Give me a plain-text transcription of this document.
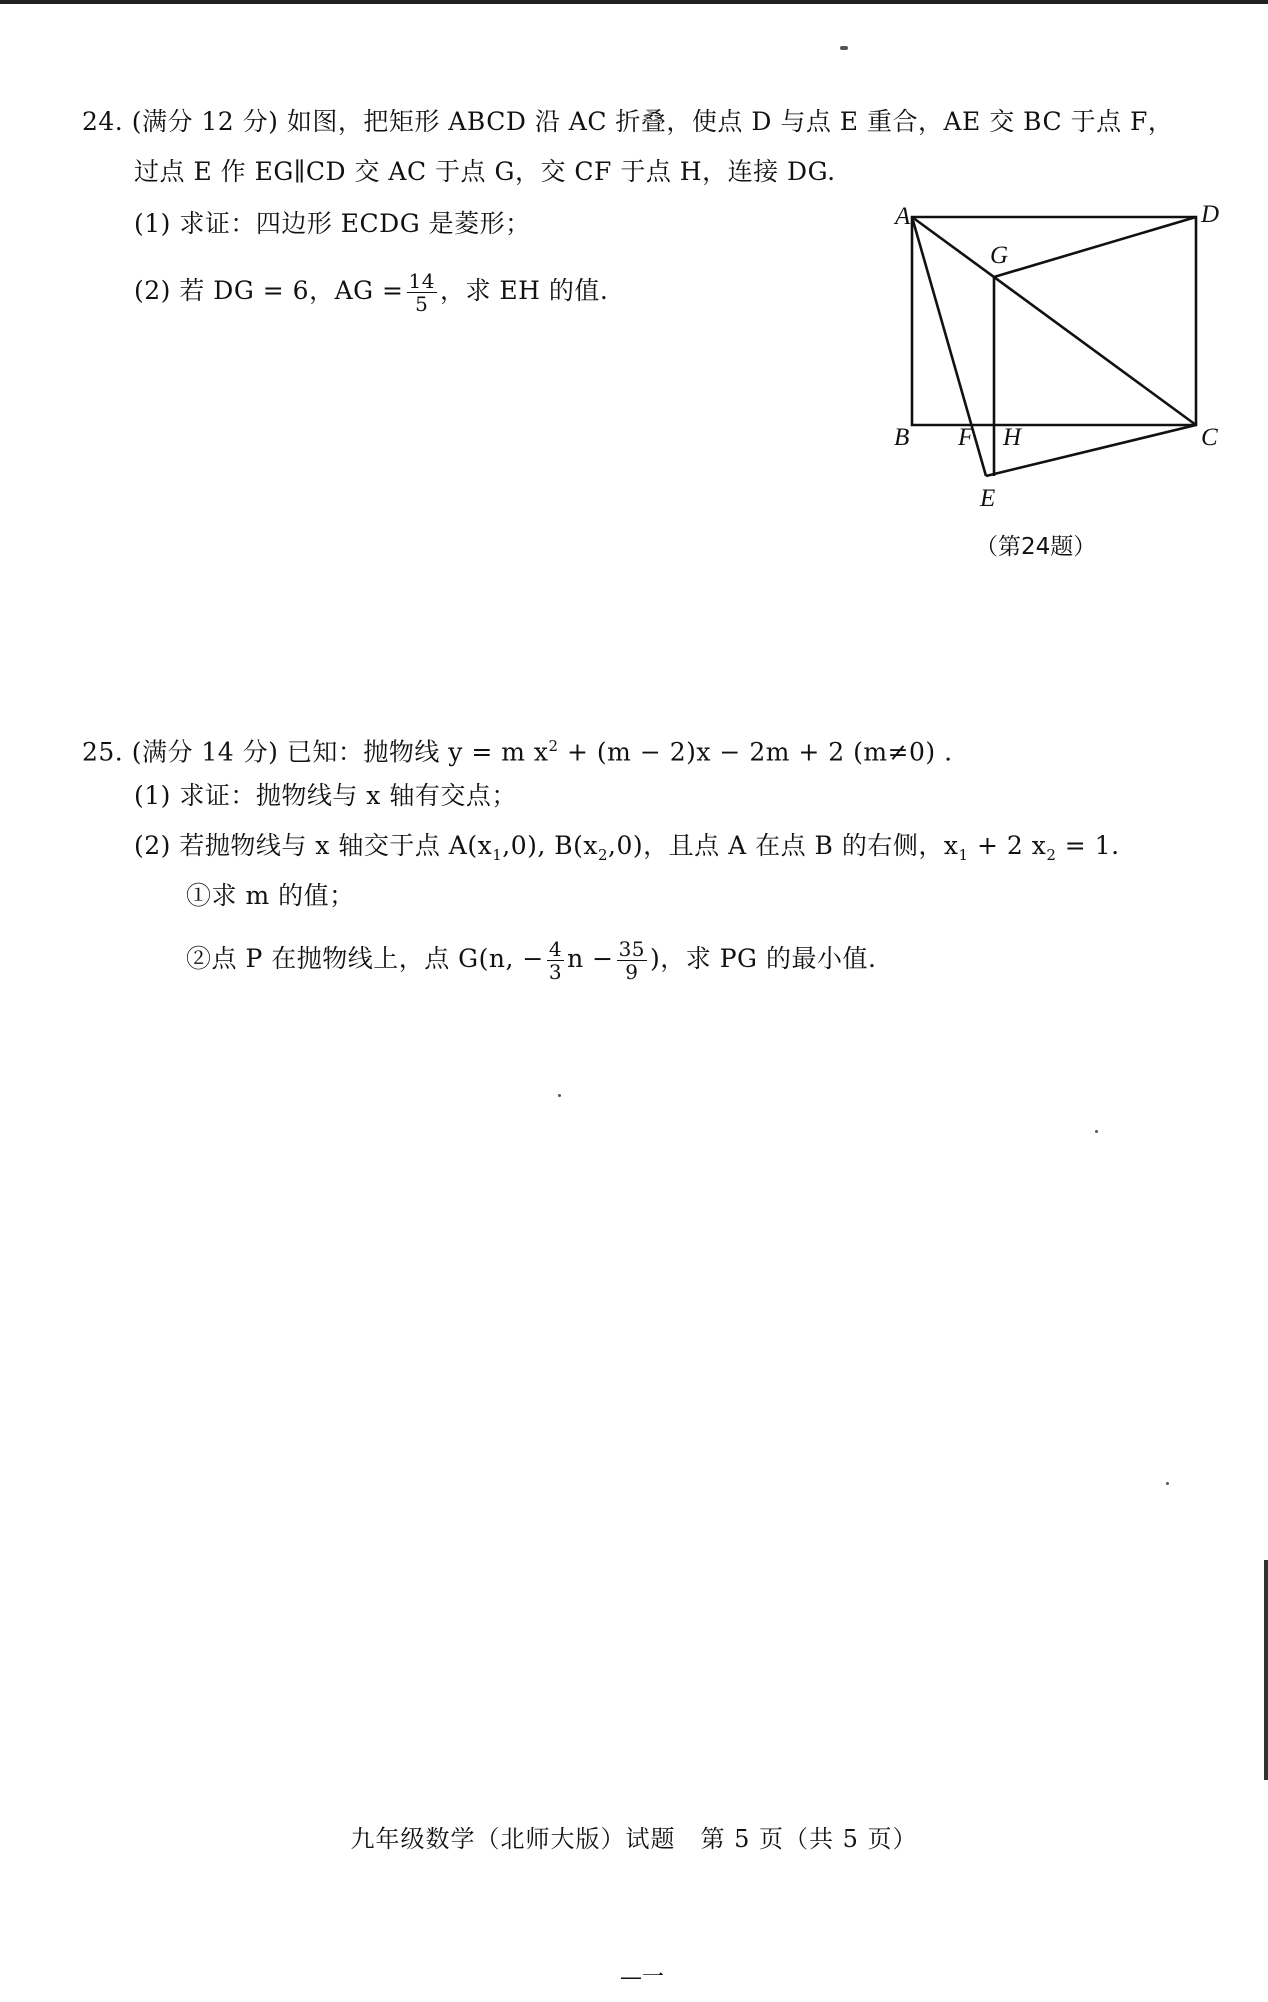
24. (满分 12 分) 如图，把矩形 ABCD 沿 AC 折叠，使点 D 与点 E 重合，AE 交 BC 于点 F，
过点 E 作 EG∥CD 交 AC 于点 G，交 CF 于点 H，连接 DG.
(1) 求证：四边形 ECDG 是菱形；
(2) 若 DG = 6，AG = $\frac{14}{5}$ ，求 EH 的值.
A	D
G
B F H	C
E
（第24题）
25. (满分 14 分) 已知：抛物线 y = m $x^2 + (m - 2)x - 2m + 2$ (m≠0) .
(1) 求证：抛物线与 x 轴有交点；
(2) 若抛物线与 x 轴交于点 $A(x_1,0)$, $B(x_2,0)$，且点 A 在点 B 的右侧，$x_1 + 2$ $x_2 = 1$.
①求 m 的值；
②点 P 在抛物线上，点 G(n, − $\frac{4}{3}$ $n - \frac{35}{9}$ )，求 PG 的最小值.
九年级数学（北师大版）试题　第 5 页（共 5 页）
—一
